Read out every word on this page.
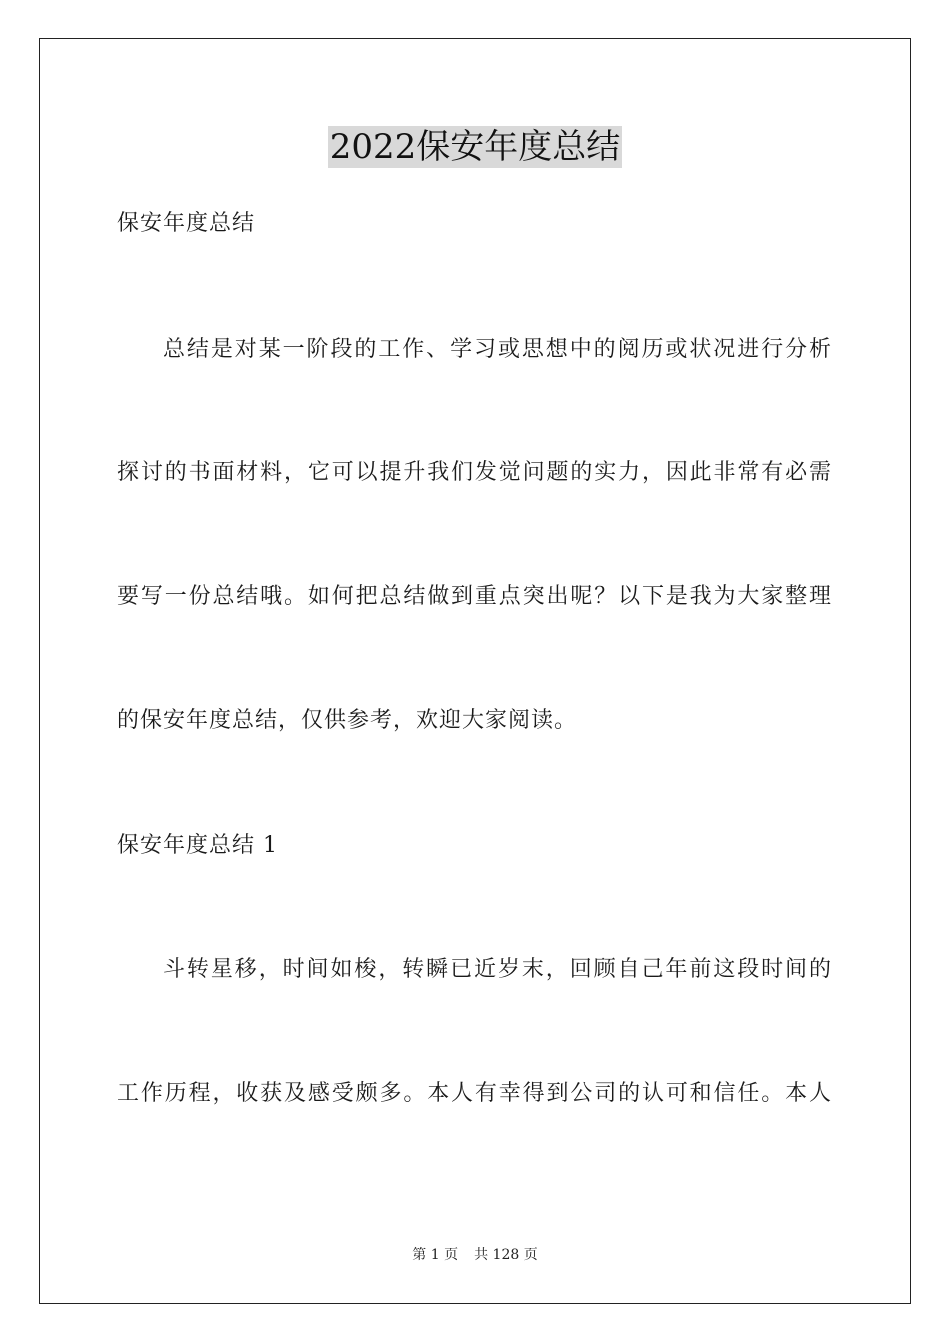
2022保安年度总结
保安年度总结
总结是对某一阶段的工作、学习或思想中的阅历或状况进行分析
探讨的书面材料，它可以提升我们发觉问题的实力，因此非常有必需
要写一份总结哦。如何把总结做到重点突出呢？以下是我为大家整理
的保安年度总结，仅供参考，欢迎大家阅读。
保安年度总结 1
斗转星移，时间如梭，转瞬已近岁末，回顾自己年前这段时间的
工作历程，收获及感受颇多。本人有幸得到公司的认可和信任。本人
第 1 页 共 128 页
